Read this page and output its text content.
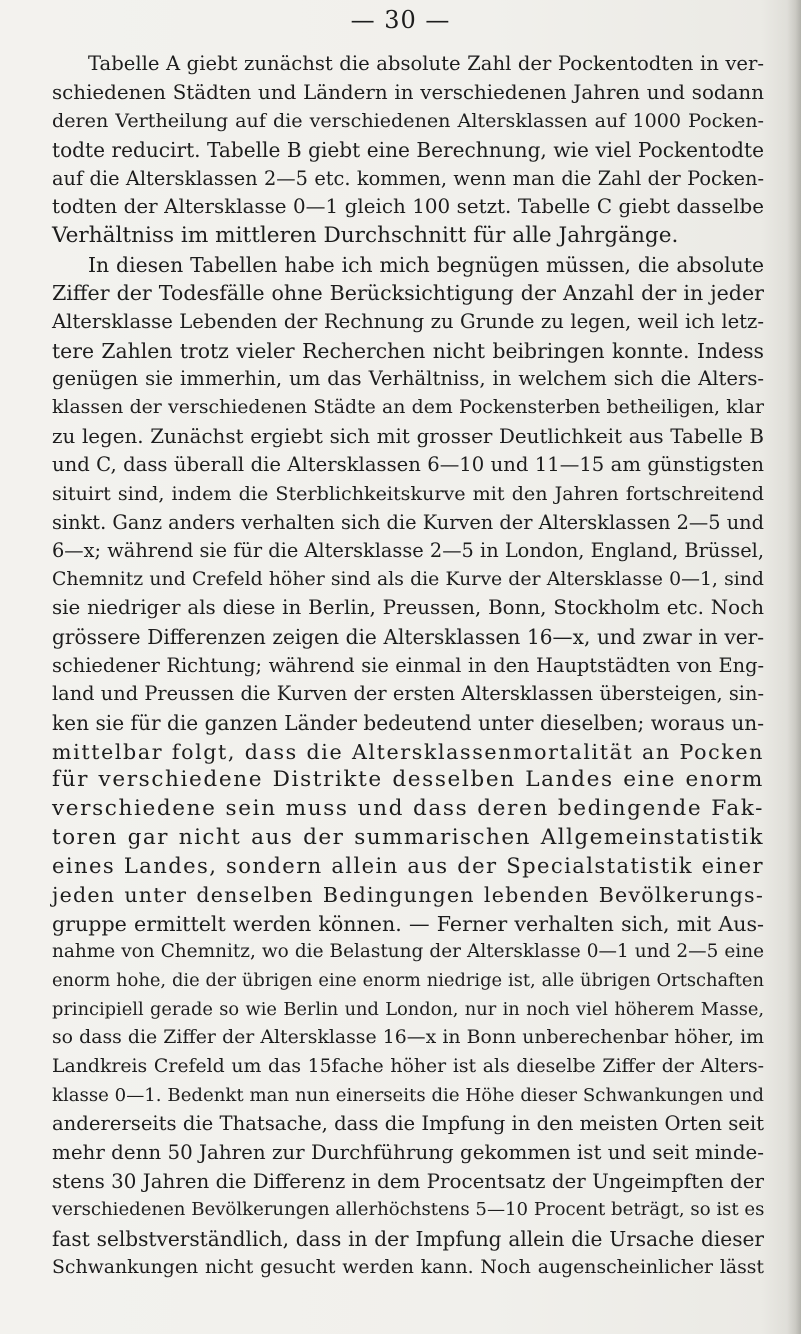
— 30 —
Tabelle A giebt zunächst die absolute Zahl der Pockentodten in ver-
schiedenen Städten und Ländern in verschiedenen Jahren und sodann
deren Vertheilung auf die verschiedenen Altersklassen auf 1000 Pocken-
todte reducirt. Tabelle B giebt eine Berechnung, wie viel Pockentodte
auf die Altersklassen 2—5 etc. kommen, wenn man die Zahl der Pocken-
todten der Altersklasse 0—1 gleich 100 setzt. Tabelle C giebt dasselbe
Verhältniss im mittleren Durchschnitt für alle Jahrgänge.
In diesen Tabellen habe ich mich begnügen müssen, die absolute
Ziffer der Todesfälle ohne Berücksichtigung der Anzahl der in jeder
Altersklasse Lebenden der Rechnung zu Grunde zu legen, weil ich letz-
tere Zahlen trotz vieler Recherchen nicht beibringen konnte. Indess
genügen sie immerhin, um das Verhältniss, in welchem sich die Alters-
klassen der verschiedenen Städte an dem Pockensterben betheiligen, klar
zu legen. Zunächst ergiebt sich mit grosser Deutlichkeit aus Tabelle B
und C, dass überall die Altersklassen 6—10 und 11—15 am günstigsten
situirt sind, indem die Sterblichkeitskurve mit den Jahren fortschreitend
sinkt. Ganz anders verhalten sich die Kurven der Altersklassen 2—5 und
6—x; während sie für die Altersklasse 2—5 in London, England, Brüssel,
Chemnitz und Crefeld höher sind als die Kurve der Altersklasse 0—1, sind
sie niedriger als diese in Berlin, Preussen, Bonn, Stockholm etc. Noch
grössere Differenzen zeigen die Altersklassen 16—x, und zwar in ver-
schiedener Richtung; während sie einmal in den Hauptstädten von Eng-
land und Preussen die Kurven der ersten Altersklassen übersteigen, sin-
ken sie für die ganzen Länder bedeutend unter dieselben; woraus un-
mittelbar folgt, dass die Altersklassenmortalität an Pocken
für verschiedene Distrikte desselben Landes eine enorm
verschiedene sein muss und dass deren bedingende Fak-
toren gar nicht aus der summarischen Allgemeinstatistik
eines Landes, sondern allein aus der Specialstatistik einer
jeden unter denselben Bedingungen lebenden Bevölkerungs-
gruppe ermittelt werden können. — Ferner verhalten sich, mit Aus-
nahme von Chemnitz, wo die Belastung der Altersklasse 0—1 und 2—5 eine
enorm hohe, die der übrigen eine enorm niedrige ist, alle übrigen Ortschaften
principiell gerade so wie Berlin und London, nur in noch viel höherem Masse,
so dass die Ziffer der Altersklasse 16—x in Bonn unberechenbar höher, im
Landkreis Crefeld um das 15fache höher ist als dieselbe Ziffer der Alters-
klasse 0—1. Bedenkt man nun einerseits die Höhe dieser Schwankungen und
andererseits die Thatsache, dass die Impfung in den meisten Orten seit
mehr denn 50 Jahren zur Durchführung gekommen ist und seit minde-
stens 30 Jahren die Differenz in dem Procentsatz der Ungeimpften der
verschiedenen Bevölkerungen allerhöchstens 5—10 Procent beträgt, so ist es
fast selbstverständlich, dass in der Impfung allein die Ursache dieser
Schwankungen nicht gesucht werden kann. Noch augenscheinlicher lässt
